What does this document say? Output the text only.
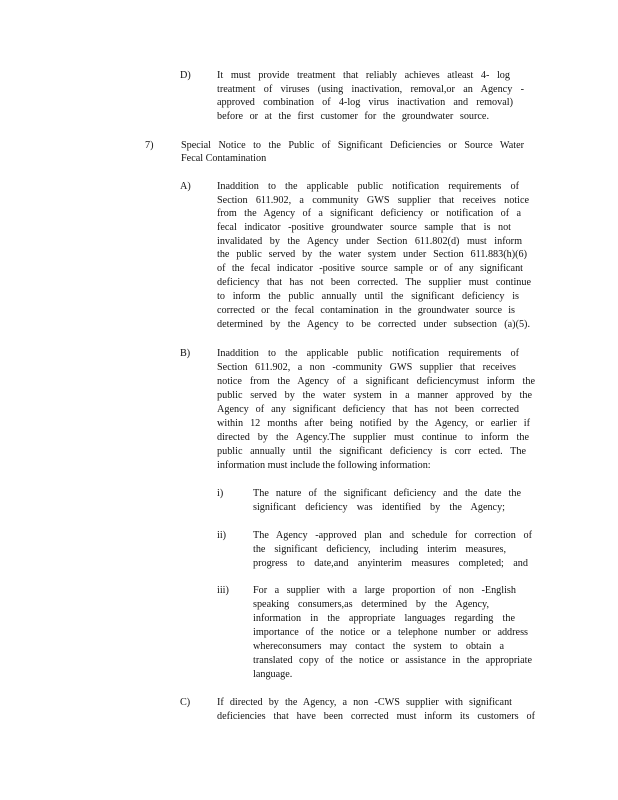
D)	It must provide treatment that reliably achieves atleast 4- log
treatment of viruses (using inactivation, removal,or an Agency -
approved combination of 4-log virus inactivation and removal)
before or at the first customer for the groundwater source.
7)	Special Notice to the Public of Significant Deficiencies or Source Water
Fecal Contamination
A)	Inaddition to the applicable public notification requirements of
Section 611.902, a community GWS supplier that receives notice
from the Agency of a significant deficiency or notification of a
fecal indicator -positive groundwater source sample that is not
invalidated by the Agency under Section 611.802(d) must inform
the public served by the water system under Section 611.883(h)(6)
of the fecal indicator -positive source sample or of any significant
deficiency that has not been corrected. The supplier must continue
to inform the public annually until the significant deficiency is
corrected or the fecal contamination in the groundwater source is
determined by the Agency to be corrected under subsection (a)(5).
B)	Inaddition to the applicable public notification requirements of
Section 611.902, a non -community GWS supplier that receives
notice from the Agency of a significant deficiencymust inform the
public served by the water system in a manner approved by the
Agency of any significant deficiency that has not been corrected
within 12 months after being notified by the Agency, or earlier if
directed by the Agency.The supplier must continue to inform the
public annually until the significant deficiency is corr ected. The
information must include the following information:
i)	The nature of the significant deficiency and the date the
significant deficiency was identified by the Agency;
ii)	The Agency -approved plan and schedule for correction of
the significant deficiency, including interim measures,
progress to date,and anyinterim measures completed; and
iii) For a supplier with a large proportion of non -English
speaking consumers,as determined by the Agency,
information in the appropriate languages regarding the
importance of the notice or a telephone number or address
whereconsumers may contact the system to obtain a
translated copy of the notice or assistance in the appropriate
language.
C)	If directed by the Agency, a non -CWS supplier with significant
deficiencies that have been corrected must inform its customers of
